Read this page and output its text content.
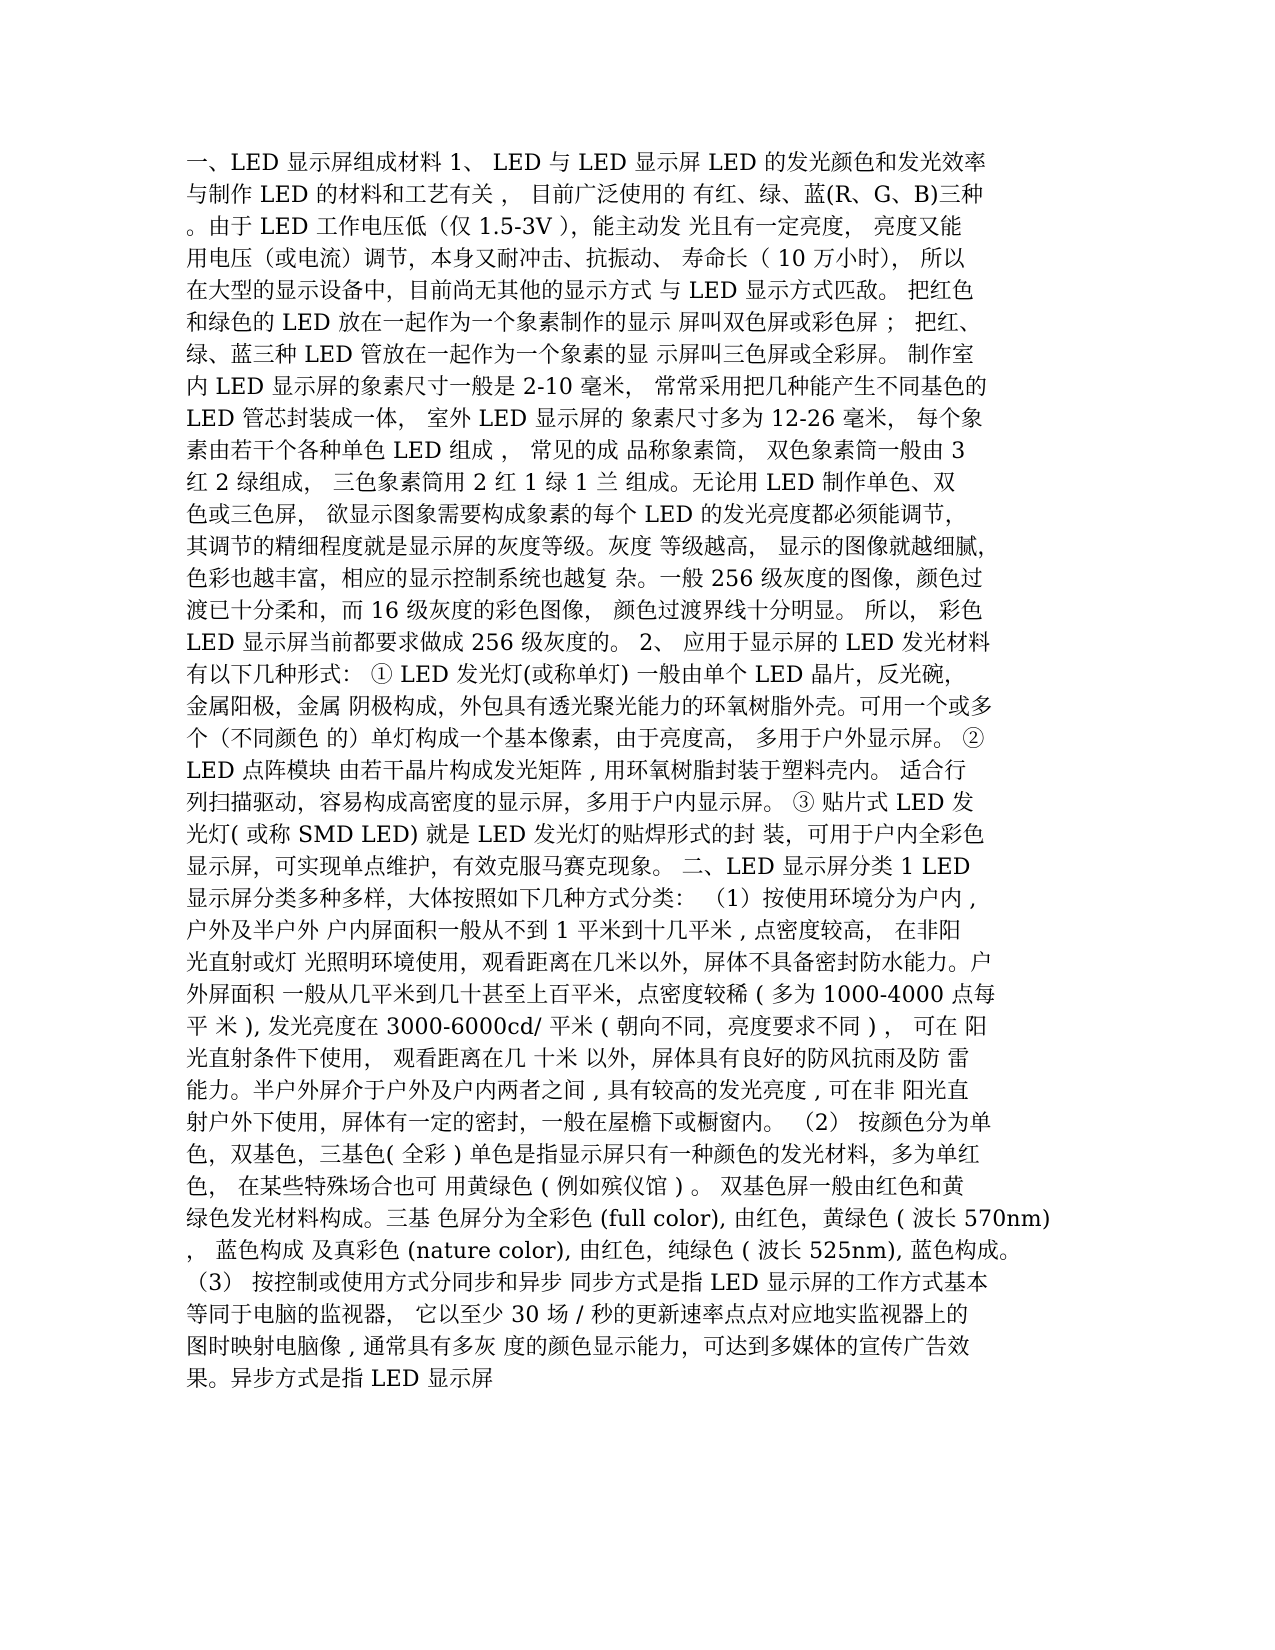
一、LED 显示屏组成材料 1、 LED 与 LED 显示屏 LED 的发光颜色和发光效率
与制作 LED 的材料和工艺有关 ， 目前广泛使用的 有红、绿、蓝(R、G、B)三种
。由于 LED 工作电压低（仅 1.5-3V ），能主动发 光且有一定亮度， 亮度又能
用电压（或电流）调节，本身又耐冲击、抗振动、 寿命长（ 10 万小时）， 所以
在大型的显示设备中，目前尚无其他的显示方式 与 LED 显示方式匹敌。 把红色
和绿色的 LED 放在一起作为一个象素制作的显示 屏叫双色屏或彩色屏 ； 把红、
绿、蓝三种 LED 管放在一起作为一个象素的显 示屏叫三色屏或全彩屏。 制作室
内 LED 显示屏的象素尺寸一般是 2-10 毫米， 常常采用把几种能产生不同基色的
LED 管芯封装成一体， 室外 LED 显示屏的 象素尺寸多为 12-26 毫米， 每个象
素由若干个各种单色 LED 组成 ， 常见的成 品称象素筒， 双色象素筒一般由 3
红 2 绿组成， 三色象素筒用 2 红 1 绿 1 兰 组成。无论用 LED 制作单色、双
色或三色屏， 欲显示图象需要构成象素的每个 LED 的发光亮度都必须能调节，
其调节的精细程度就是显示屏的灰度等级。灰度 等级越高， 显示的图像就越细腻，
色彩也越丰富，相应的显示控制系统也越复 杂。一般 256 级灰度的图像，颜色过
渡已十分柔和，而 16 级灰度的彩色图像， 颜色过渡界线十分明显。 所以， 彩色
LED 显示屏当前都要求做成 256 级灰度的。 2、 应用于显示屏的 LED 发光材料
有以下几种形式： ① LED 发光灯(或称单灯) 一般由单个 LED 晶片，反光碗，
金属阳极，金属 阴极构成，外包具有透光聚光能力的环氧树脂外壳。可用一个或多
个（不同颜色 的）单灯构成一个基本像素，由于亮度高， 多用于户外显示屏。 ②
LED 点阵模块 由若干晶片构成发光矩阵 , 用环氧树脂封装于塑料壳内。 适合行
列扫描驱动，容易构成高密度的显示屏，多用于户内显示屏。 ③ 贴片式 LED 发
光灯( 或称 SMD LED) 就是 LED 发光灯的贴焊形式的封 装，可用于户内全彩色
显示屏，可实现单点维护，有效克服马赛克现象。 二、LED 显示屏分类 1 LED
显示屏分类多种多样，大体按照如下几种方式分类： （1）按使用环境分为户内 ,
户外及半户外 户内屏面积一般从不到 1 平米到十几平米 , 点密度较高， 在非阳
光直射或灯 光照明环境使用，观看距离在几米以外，屏体不具备密封防水能力。户
外屏面积 一般从几平米到几十甚至上百平米，点密度较稀 ( 多为 1000-4000 点每
平 米 ), 发光亮度在 3000-6000cd/ 平米 ( 朝向不同，亮度要求不同 ) ， 可在 阳
光直射条件下使用， 观看距离在几 十米 以外，屏体具有良好的防风抗雨及防 雷
能力。半户外屏介于户外及户内两者之间 , 具有较高的发光亮度 , 可在非 阳光直
射户外下使用，屏体有一定的密封，一般在屋檐下或橱窗内。 （2） 按颜色分为单
色，双基色，三基色( 全彩 ) 单色是指显示屏只有一种颜色的发光材料，多为单红
色， 在某些特殊场合也可 用黄绿色 ( 例如殡仪馆 ) 。 双基色屏一般由红色和黄
绿色发光材料构成。三基 色屏分为全彩色 (full color), 由红色，黄绿色 ( 波长 570nm)
， 蓝色构成 及真彩色 (nature color), 由红色，纯绿色 ( 波长 525nm), 蓝色构成。
（3） 按控制或使用方式分同步和异步 同步方式是指 LED 显示屏的工作方式基本
等同于电脑的监视器， 它以至少 30 场 / 秒的更新速率点点对应地实监视器上的
图时映射电脑像 , 通常具有多灰 度的颜色显示能力，可达到多媒体的宣传广告效
果。异步方式是指 LED 显示屏
